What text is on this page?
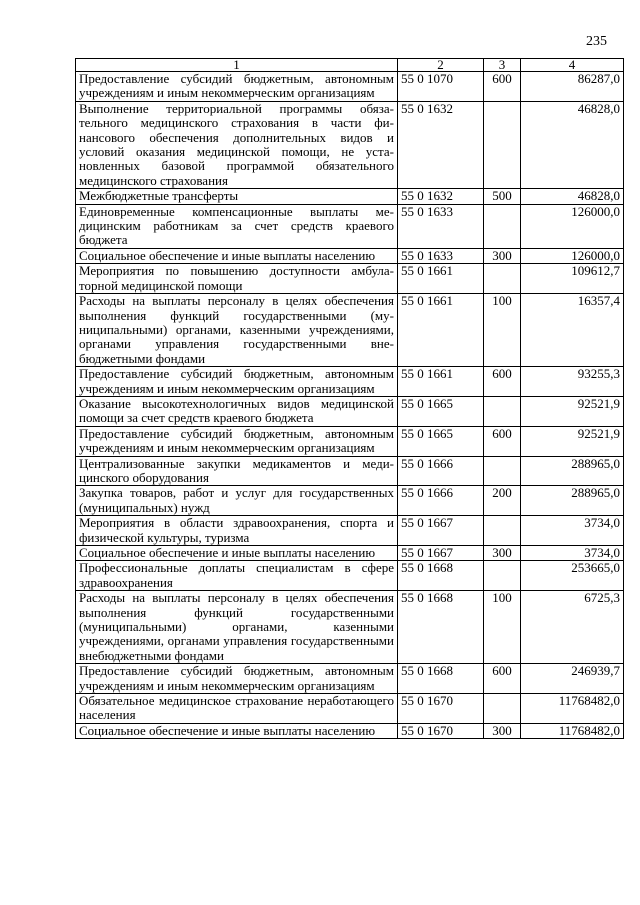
235
1	2	3	4
Предоставление субсидий бюджетным, автономным учреждениям и иным некоммерческим организациям	55 0 1070	600	86287,0
Выполнение территориальной программы обязательного медицинского страхования в части финансового обеспечения дополнительных видов и условий оказания медицинской помощи, не установленных базовой программой обязательного медицинского страхования	55 0 1632		46828,0
Межбюджетные трансферты	55 0 1632	500	46828,0
Единовременные компенсационные выплаты медицинским работникам за счет средств краевого бюджета	55 0 1633		126000,0
Социальное обеспечение и иные выплаты населению	55 0 1633	300	126000,0
Мероприятия по повышению доступности амбулаторной медицинской помощи	55 0 1661		109612,7
Расходы на выплаты персоналу в целях обеспечения выполнения функций государственными (муниципальными) органами, казенными учреждениями, органами управления государственными внебюджетными фондами	55 0 1661	100	16357,4
Предоставление субсидий бюджетным, автономным учреждениям и иным некоммерческим организациям	55 0 1661	600	93255,3
Оказание высокотехнологичных видов медицинской помощи за счет средств краевого бюджета	55 0 1665		92521,9
Предоставление субсидий бюджетным, автономным учреждениям и иным некоммерческим организациям	55 0 1665	600	92521,9
Централизованные закупки медикаментов и медицинского оборудования	55 0 1666		288965,0
Закупка товаров, работ и услуг для государственных (муниципальных) нужд	55 0 1666	200	288965,0
Мероприятия в области здравоохранения, спорта и физической культуры, туризма	55 0 1667		3734,0
Социальное обеспечение и иные выплаты населению	55 0 1667	300	3734,0
Профессиональные доплаты специалистам в сфере здравоохранения	55 0 1668		253665,0
Расходы на выплаты персоналу в целях обеспечения выполнения функций государственными (муниципальными) органами, казенными учреждениями, органами управления государственными внебюджетными фондами	55 0 1668	100	6725,3
Предоставление субсидий бюджетным, автономным учреждениям и иным некоммерческим организациям	55 0 1668	600	246939,7
Обязательное медицинское страхование неработающего населения	55 0 1670		11768482,0
Социальное обеспечение и иные выплаты населению	55 0 1670	300	11768482,0
